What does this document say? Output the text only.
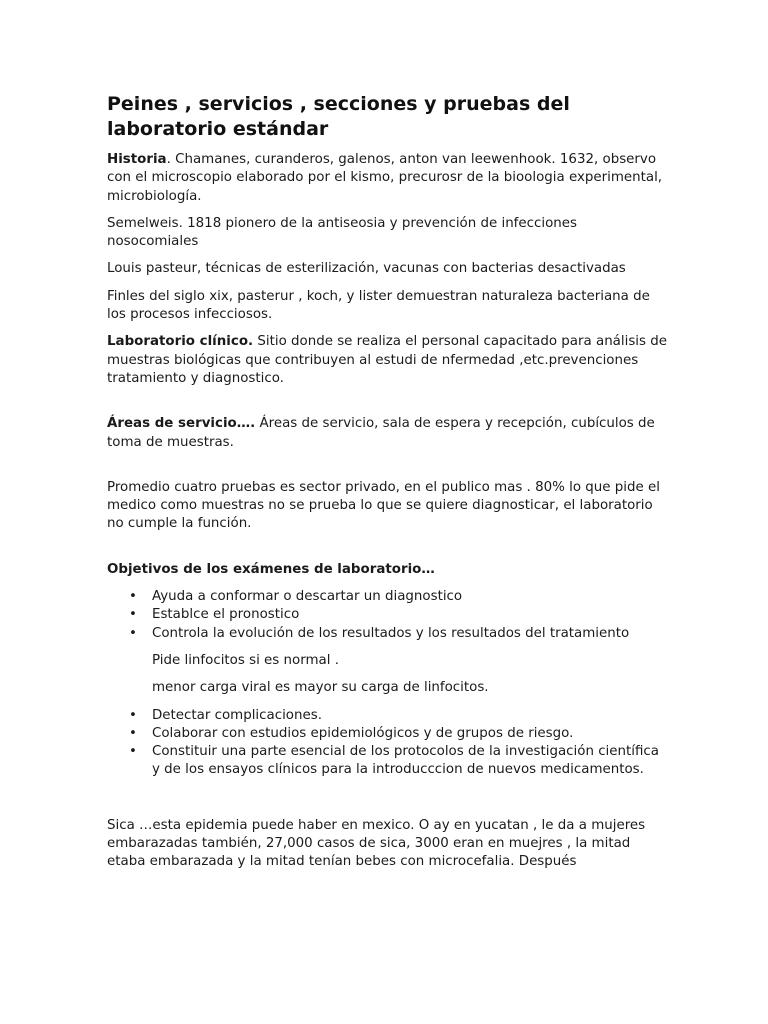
Peines , servicios , secciones y pruebas del laboratorio estándar

Historia. Chamanes, curanderos, galenos, anton van leewenhook. 1632, observo con el microscopio elaborado por el kismo, precurosr de la bioologia experimental, microbiología.

Semelweis. 1818 pionero de la antiseosia y prevención de infecciones nosocomiales

Louis pasteur, técnicas de esterilización, vacunas con bacterias desactivadas

Finles del siglo xix, pasterur , koch, y lister demuestran naturaleza bacteriana de los procesos infecciosos.

Laboratorio clínico. Sitio donde se realiza el personal capacitado para análisis de muestras biológicas que contribuyen al estudi de nfermedad ,etc.prevenciones tratamiento y diagnostico.

Áreas de servicio…. Áreas de servicio, sala de espera y recepción, cubículos de toma de muestras.

Promedio cuatro pruebas es sector privado, en el publico mas . 80% lo que pide el medico como muestras no se prueba lo que se quiere diagnosticar, el laboratorio no cumple la función.

Objetivos de los exámenes de laboratorio…

• Ayuda a conformar o descartar un diagnostico
• Establce el pronostico
• Controla la evolución de los resultados y los resultados del tratamiento

Pide linfocitos si es normal .

menor carga viral es mayor su carga de linfocitos.

• Detectar complicaciones.
• Colaborar con estudios epidemiológicos y de grupos de riesgo.
• Constituir una parte esencial de los protocolos de la investigación científica y de los ensayos clínicos para la introducccion de nuevos medicamentos.

Sica …esta epidemia puede haber en mexico. O ay en yucatan , le da a mujeres embarazadas también, 27,000 casos de sica, 3000 eran en muejres , la mitad etaba embarazada y la mitad tenían bebes con microcefalia. Después
